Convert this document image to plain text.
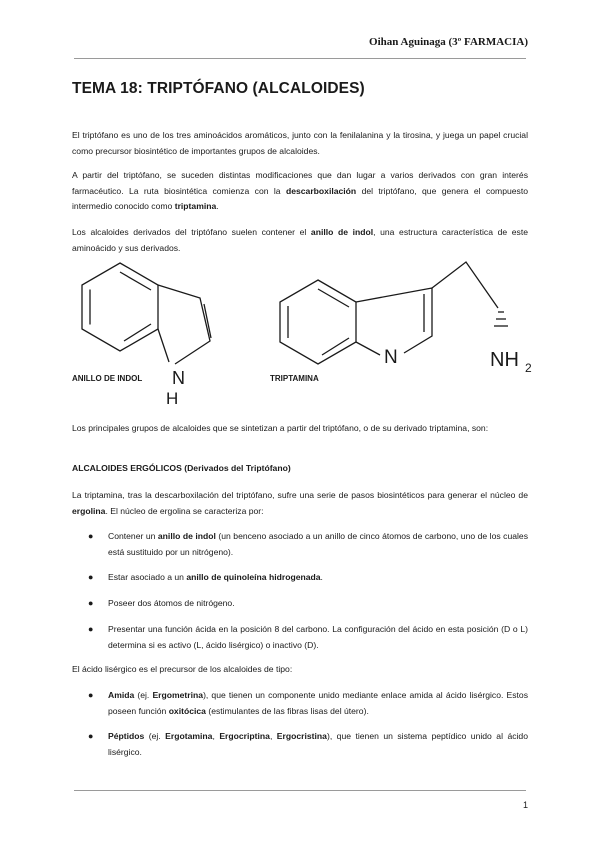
Oihan Aguinaga (3º FARMACIA)
TEMA 18: TRIPTÓFANO (ALCALOIDES)

El triptófano es uno de los tres aminoácidos aromáticos, junto con la fenilalanina y la tirosina, y juega un papel crucial como precursor biosintético de importantes grupos de alcaloides.

A partir del triptófano, se suceden distintas modificaciones que dan lugar a varios derivados con gran interés farmacéutico. La ruta biosintética comienza con la descarboxilación del triptófano, que genera el compuesto intermedio conocido como triptamina.

Los alcaloides derivados del triptófano suelen contener el anillo de indol, una estructura característica de este aminoácido y sus derivados.

N
H
ANILLO DE INDOL
N	NH 2
TRIPTAMINA

Los principales grupos de alcaloides que se sintetizan a partir del triptófano, o de su derivado triptamina, son:

ALCALOIDES ERGÓLICOS (Derivados del Triptófano)

La triptamina, tras la descarboxilación del triptófano, sufre una serie de pasos biosintéticos para generar el núcleo de ergolina. El núcleo de ergolina se caracteriza por:

● Contener un anillo de indol (un benceno asociado a un anillo de cinco átomos de carbono, uno de los cuales está sustituido por un nitrógeno).

● Estar asociado a un anillo de quinoleína hidrogenada.

● Poseer dos átomos de nitrógeno.

● Presentar una función ácida en la posición 8 del carbono. La configuración del ácido en esta posición (D o L) determina si es activo (L, ácido lisérgico) o inactivo (D).

El ácido lisérgico es el precursor de los alcaloides de tipo:

● Amida (ej. Ergometrina), que tienen un componente unido mediante enlace amida al ácido lisérgico. Estos poseen función oxitócica (estimulantes de las fibras lisas del útero).

● Péptidos (ej. Ergotamina, Ergocriptina, Ergocristina), que tienen un sistema peptídico unido al ácido lisérgico.

1
